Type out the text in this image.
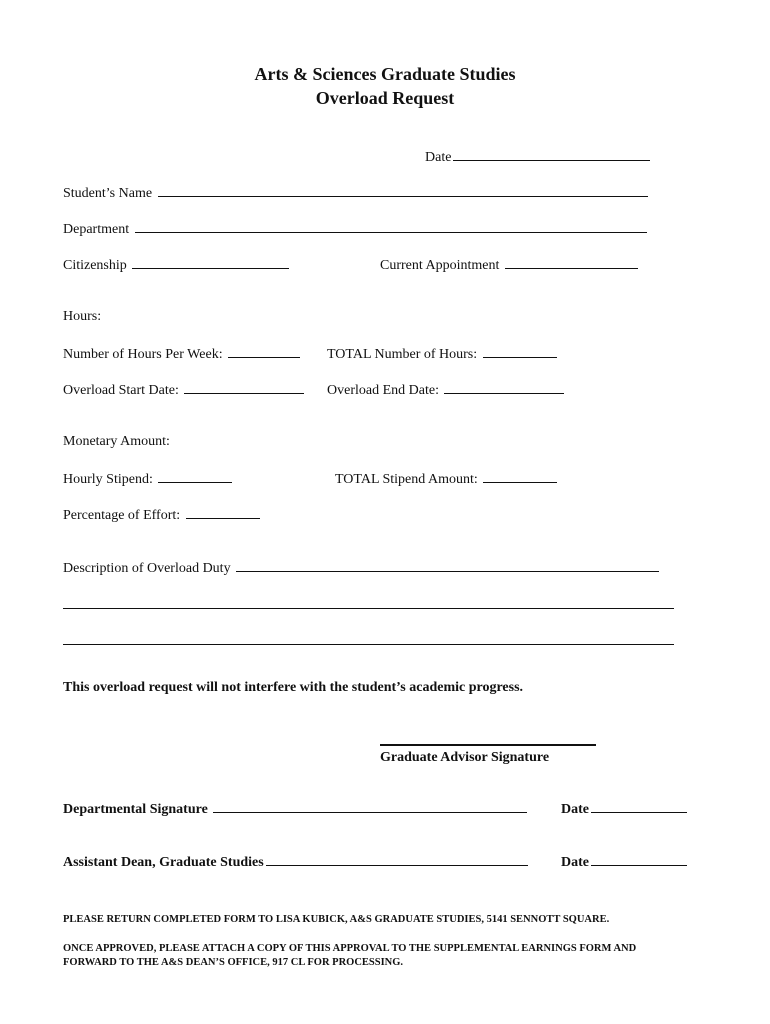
Arts & Sciences Graduate Studies
Overload Request
Date
Student’s Name
Department
Citizenship	Current Appointment
Hours:
Number of Hours Per Week:	TOTAL Number of Hours:
Overload Start Date:	Overload End Date:
Monetary Amount:
Hourly Stipend:	TOTAL Stipend Amount:
Percentage of Effort:
Description of Overload Duty
This overload request will not interfere with the student’s academic progress.
Graduate Advisor Signature
Departmental Signature	Date
Assistant Dean, Graduate Studies	Date
PLEASE RETURN COMPLETED FORM TO LISA KUBICK, A&S GRADUATE STUDIES, 5141 SENNOTT SQUARE.
ONCE APPROVED, PLEASE ATTACH A COPY OF THIS APPROVAL TO THE SUPPLEMENTAL EARNINGS FORM AND
FORWARD TO THE A&S DEAN’S OFFICE, 917 CL FOR PROCESSING.
